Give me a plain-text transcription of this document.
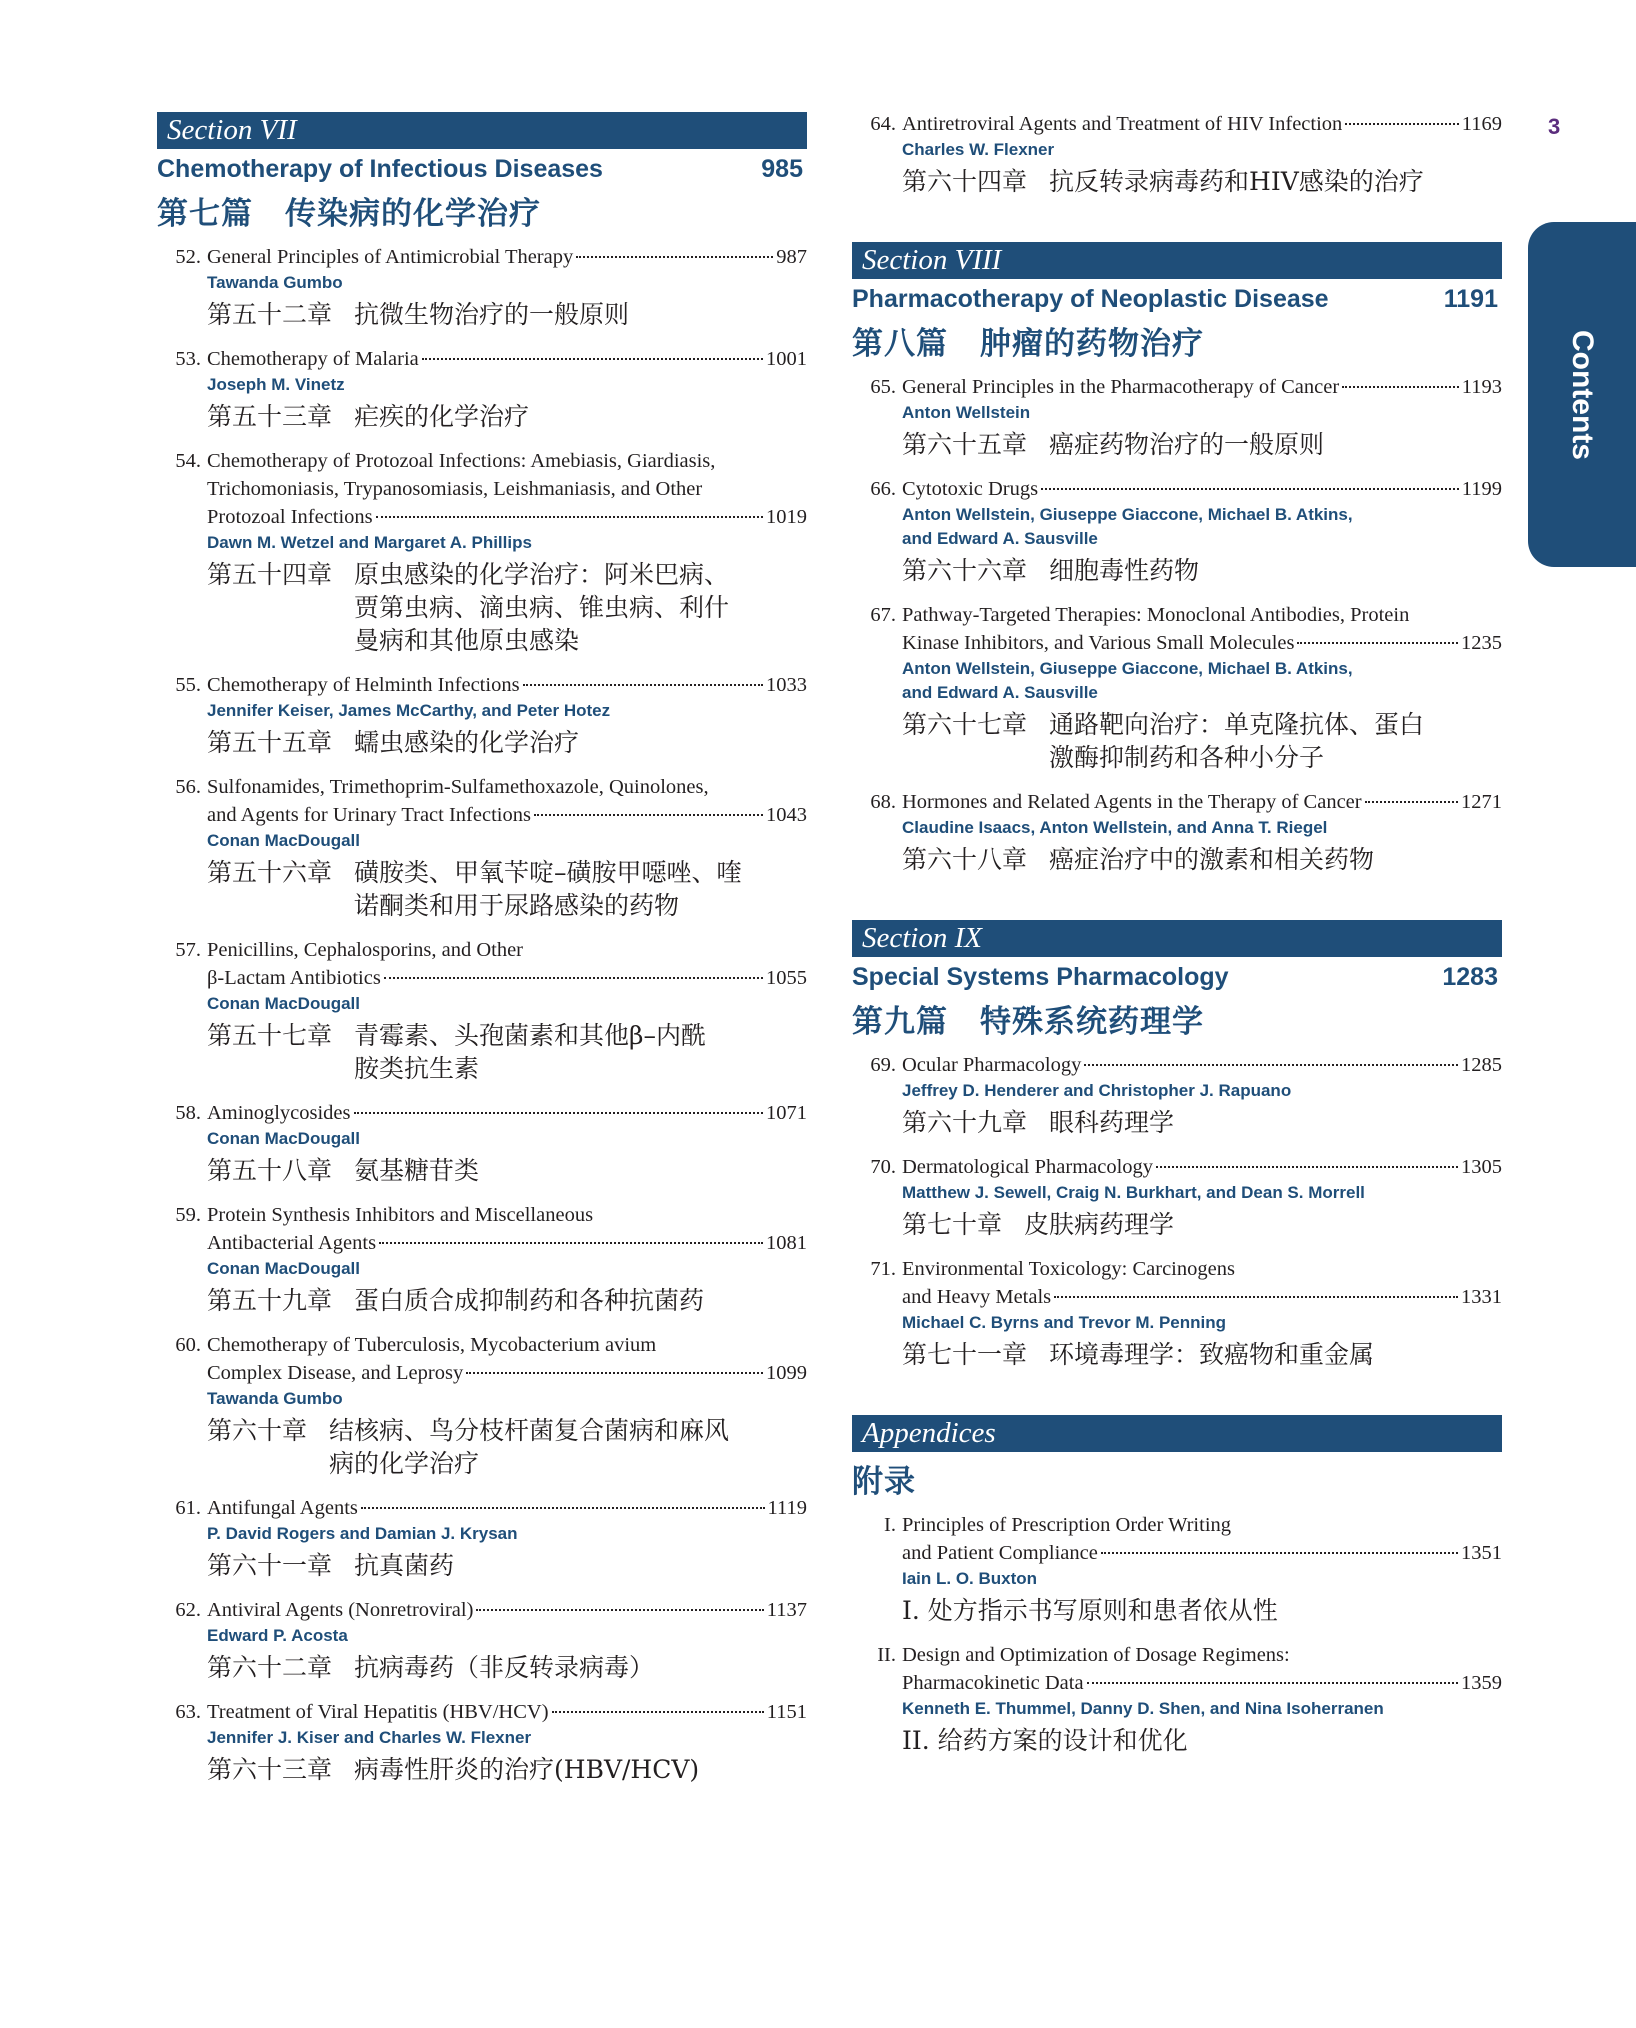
Section VII
Chemotherapy of Infectious Diseases	985
第七篇　传染病的化学治疗
52. General Principles of Antimicrobial Therapy	987
Tawanda Gumbo
第五十二章 抗微生物治疗的一般原则
53. Chemotherapy of Malaria	1001
Joseph M. Vinetz
第五十三章 疟疾的化学治疗
54. Chemotherapy of Protozoal Infections: Amebiasis, Giardiasis,
Trichomoniasis, Trypanosomiasis, Leishmaniasis, and Other
Protozoal Infections	1019
Dawn M. Wetzel and Margaret A. Phillips
第五十四章 原虫感染的化学治疗：阿米巴病、
贾第虫病、滴虫病、锥虫病、利什
曼病和其他原虫感染
55. Chemotherapy of Helminth Infections	1033
Jennifer Keiser, James McCarthy, and Peter Hotez
第五十五章 蠕虫感染的化学治疗
56. Sulfonamides, Trimethoprim-Sulfamethoxazole, Quinolones,
and Agents for Urinary Tract Infections	1043
Conan MacDougall
第五十六章 磺胺类、甲氧苄啶–磺胺甲噁唑、喹
诺酮类和用于尿路感染的药物
57. Penicillins, Cephalosporins, and Other
β-Lactam Antibiotics	1055
Conan MacDougall
第五十七章 青霉素、头孢菌素和其他β–内酰
胺类抗生素
58. Aminoglycosides	1071
Conan MacDougall
第五十八章 氨基糖苷类
59. Protein Synthesis Inhibitors and Miscellaneous
Antibacterial Agents	1081
Conan MacDougall
第五十九章 蛋白质合成抑制药和各种抗菌药
60. Chemotherapy of Tuberculosis, Mycobacterium avium
Complex Disease, and Leprosy	1099
Tawanda Gumbo
第六十章 结核病、鸟分枝杆菌复合菌病和麻风
病的化学治疗
61. Antifungal Agents	1119
P. David Rogers and Damian J. Krysan
第六十一章 抗真菌药
62. Antiviral Agents (Nonretroviral)	1137
Edward P. Acosta
第六十二章 抗病毒药（非反转录病毒）
63. Treatment of Viral Hepatitis (HBV/HCV)	1151
Jennifer J. Kiser and Charles W. Flexner
第六十三章 病毒性肝炎的治疗(HBV/HCV)
64. Antiretroviral Agents and Treatment of HIV Infection	1169
Charles W. Flexner
第六十四章 抗反转录病毒药和HIV感染的治疗
Section VIII
Pharmacotherapy of Neoplastic Disease	1191
第八篇　肿瘤的药物治疗
65. General Principles in the Pharmacotherapy of Cancer	1193
Anton Wellstein
第六十五章 癌症药物治疗的一般原则
66. Cytotoxic Drugs	1199
Anton Wellstein, Giuseppe Giaccone, Michael B. Atkins,
and Edward A. Sausville
第六十六章 细胞毒性药物
67. Pathway-Targeted Therapies: Monoclonal Antibodies, Protein
Kinase Inhibitors, and Various Small Molecules	1235
Anton Wellstein, Giuseppe Giaccone, Michael B. Atkins,
and Edward A. Sausville
第六十七章 通路靶向治疗：单克隆抗体、蛋白
激酶抑制药和各种小分子
68. Hormones and Related Agents in the Therapy of Cancer	1271
Claudine Isaacs, Anton Wellstein, and Anna T. Riegel
第六十八章 癌症治疗中的激素和相关药物
Section IX
Special Systems Pharmacology	1283
第九篇　特殊系统药理学
69. Ocular Pharmacology	1285
Jeffrey D. Henderer and Christopher J. Rapuano
第六十九章 眼科药理学
70. Dermatological Pharmacology	1305
Matthew J. Sewell, Craig N. Burkhart, and Dean S. Morrell
第七十章 皮肤病药理学
71. Environmental Toxicology: Carcinogens
and Heavy Metals	1331
Michael C. Byrns and Trevor M. Penning
第七十一章 环境毒理学：致癌物和重金属
Appendices
附录
I. Principles of Prescription Order Writing
and Patient Compliance	1351
Iain L. O. Buxton
I. 处方指示书写原则和患者依从性
II. Design and Optimization of Dosage Regimens:
Pharmacokinetic Data	1359
Kenneth E. Thummel, Danny D. Shen, and Nina Isoherranen
II. 给药方案的设计和优化
3
Contents
